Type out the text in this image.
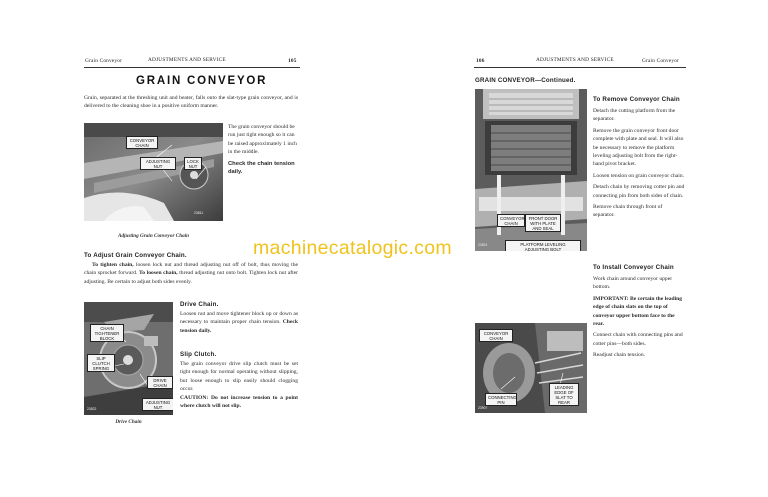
Grain Conveyor	ADJUSTMENTS AND SERVICE	105
GRAIN CONVEYOR
Grain, separated at the threshing unit and beater, falls onto the slat-type grain conveyor, and is delivered to the cleaning shoe in a positive uniform manner.
CONVEYOR CHAIN
ADJUSTING NUT
LOCK NUT
23811
Adjusting Grain Conveyor Chain
The grain conveyor should be run just tight enough so it can be raised approximately 1 inch in the middle.
Check the chain tension daily.
To Adjust Grain Conveyor Chain.
To tighten chain, loosen lock nut and thread adjusting nut off of bolt, thus moving the chain sprocket forward. To loosen chain, thread adjusting nut onto bolt. Tighten lock nut after adjusting. Be certain to adjust both sides evenly.
CHAIN TIGHTENER BLOCK
SLIP CLUTCH SPRING
DRIVE CHAIN
ADJUSTING NUT
23822
Drive Chain
Drive Chain.
Loosen nut and move tightener block up or down as necessary to maintain proper chain tension. Check tension daily.
Slip Clutch.
The grain conveyor drive slip clutch must be set tight enough for normal operating without slipping, but loose enough to slip easily should clogging occur.
CAUTION: Do not increase tension to a point where clutch will not slip.
106	ADJUSTMENTS AND SERVICE	Grain Conveyor
GRAIN CONVEYOR—Continued.
CONVEYOR CHAIN
FRONT DOOR WITH PLATE AND SEAL
PLATFORM LEVELING ADJUSTING BOLT
23821
To Remove Conveyor Chain
Detach the cutting platform from the separator.
Remove the grain conveyor front door complete with plate and seal. It will also be necessary to remove the platform leveling adjusting bolt from the right-hand pivot bracket.
Loosen tension on grain conveyor chain.
Detach chain by removing cotter pin and connecting pin from both sides of chain.
Remove chain through front of separator.
To Install Conveyor Chain
Work chain around conveyor upper bottom.
IMPORTANT: Be certain the leading edge of chain slats on the top of conveyor upper bottom face to the rear.
Connect chain with connecting pins and cotter pins—both sides.
Readjust chain tension.
CONVEYOR CHAIN
CONNECTING PIN
LEADING EDGE OF SLAT TO REAR
23907
machinecatalogic.com
